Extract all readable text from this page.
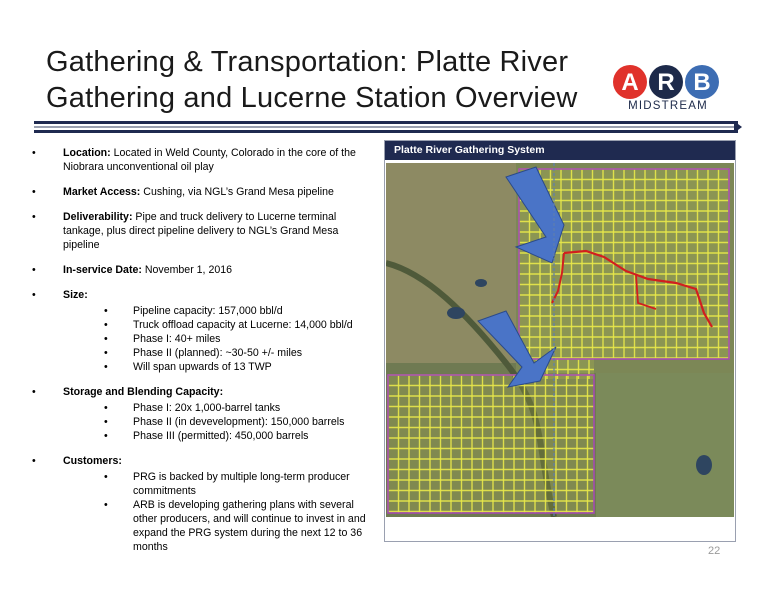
Gathering & Transportation: Platte River Gathering and Lucerne Station Overview	A R B
MIDSTREAM
•	Location: Located in Weld County, Colorado in the core of the Niobrara unconventional oil play
•	Market Access: Cushing, via NGL’s Grand Mesa pipeline
•	Deliverability: Pipe and truck delivery to Lucerne terminal tankage, plus direct pipeline delivery to NGL’s Grand Mesa pipeline
•	In-service Date: November 1, 2016
•	Size:
• Pipeline capacity: 157,000 bbl/d
• Truck offload capacity at Lucerne: 14,000 bbl/d
• Phase I: 40+ miles
• Phase II (planned): ~30-50 +/- miles
• Will span upwards of 13 TWP
•	Storage and Blending Capacity:
• Phase I: 20x 1,000-barrel tanks
• Phase II (in devevelopment): 150,000 barrels
• Phase III (permitted): 450,000 barrels
•	Customers:
• PRG is backed by multiple long-term producer commitments
• ARB is developing gathering plans with several other producers, and will continue to invest in and expand the PRG system during the next 12 to 36 months
Platte River Gathering System
22
